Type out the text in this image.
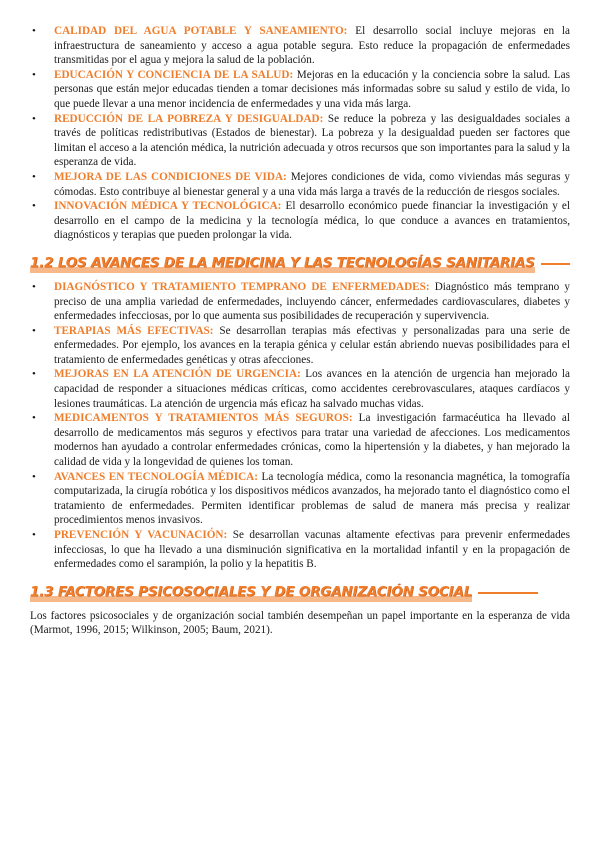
• CALIDAD DEL AGUA POTABLE Y SANEAMIENTO: El desarrollo social incluye mejoras en la infraestructura de saneamiento y acceso a agua potable segura. Esto reduce la propagación de enfermedades transmitidas por el agua y mejora la salud de la población.
• EDUCACIÓN Y CONCIENCIA DE LA SALUD: Mejoras en la educación y la conciencia sobre la salud. Las personas que están mejor educadas tienden a tomar decisiones más informadas sobre su salud y estilo de vida, lo que puede llevar a una menor incidencia de enfermedades y una vida más larga.
• REDUCCIÓN DE LA POBREZA Y DESIGUALDAD: Se reduce la pobreza y las desigualdades sociales a través de políticas redistributivas (Estados de bienestar). La pobreza y la desigualdad pueden ser factores que limitan el acceso a la atención médica, la nutrición adecuada y otros recursos que son importantes para la salud y la esperanza de vida.
• MEJORA DE LAS CONDICIONES DE VIDA: Mejores condiciones de vida, como viviendas más seguras y cómodas. Esto contribuye al bienestar general y a una vida más larga a través de la reducción de riesgos sociales.
• INNOVACIÓN MÉDICA Y TECNOLÓGICA: El desarrollo económico puede financiar la investigación y el desarrollo en el campo de la medicina y la tecnología médica, lo que conduce a avances en tratamientos, diagnósticos y terapias que pueden prolongar la vida.
1.2 LOS AVANCES DE LA MEDICINA Y LAS TECNOLOGÍAS SANITARIAS
• DIAGNÓSTICO Y TRATAMIENTO TEMPRANO DE ENFERMEDADES: Diagnóstico más temprano y preciso de una amplia variedad de enfermedades, incluyendo cáncer, enfermedades cardiovasculares, diabetes y enfermedades infecciosas, por lo que aumenta sus posibilidades de recuperación y supervivencia.
• TERAPIAS MÁS EFECTIVAS: Se desarrollan terapias más efectivas y personalizadas para una serie de enfermedades. Por ejemplo, los avances en la terapia génica y celular están abriendo nuevas posibilidades para el tratamiento de enfermedades genéticas y otras afecciones.
• MEJORAS EN LA ATENCIÓN DE URGENCIA: Los avances en la atención de urgencia han mejorado la capacidad de responder a situaciones médicas críticas, como accidentes cerebrovasculares, ataques cardíacos y lesiones traumáticas. La atención de urgencia más eficaz ha salvado muchas vidas.
• MEDICAMENTOS Y TRATAMIENTOS MÁS SEGUROS: La investigación farmacéutica ha llevado al desarrollo de medicamentos más seguros y efectivos para tratar una variedad de afecciones. Los medicamentos modernos han ayudado a controlar enfermedades crónicas, como la hipertensión y la diabetes, y han mejorado la calidad de vida y la longevidad de quienes los toman.
• AVANCES EN TECNOLOGÍA MÉDICA: La tecnología médica, como la resonancia magnética, la tomografía computarizada, la cirugía robótica y los dispositivos médicos avanzados, ha mejorado tanto el diagnóstico como el tratamiento de enfermedades. Permiten identificar problemas de salud de manera más precisa y realizar procedimientos menos invasivos.
• PREVENCIÓN Y VACUNACIÓN: Se desarrollan vacunas altamente efectivas para prevenir enfermedades infecciosas, lo que ha llevado a una disminución significativa en la mortalidad infantil y en la propagación de enfermedades como el sarampión, la polio y la hepatitis B.
1.3 FACTORES PSICOSOCIALES Y DE ORGANIZACIÓN SOCIAL

Los factores psicosociales y de organización social también desempeñan un papel importante en la esperanza de vida (Marmot, 1996, 2015; Wilkinson, 2005; Baum, 2021).
